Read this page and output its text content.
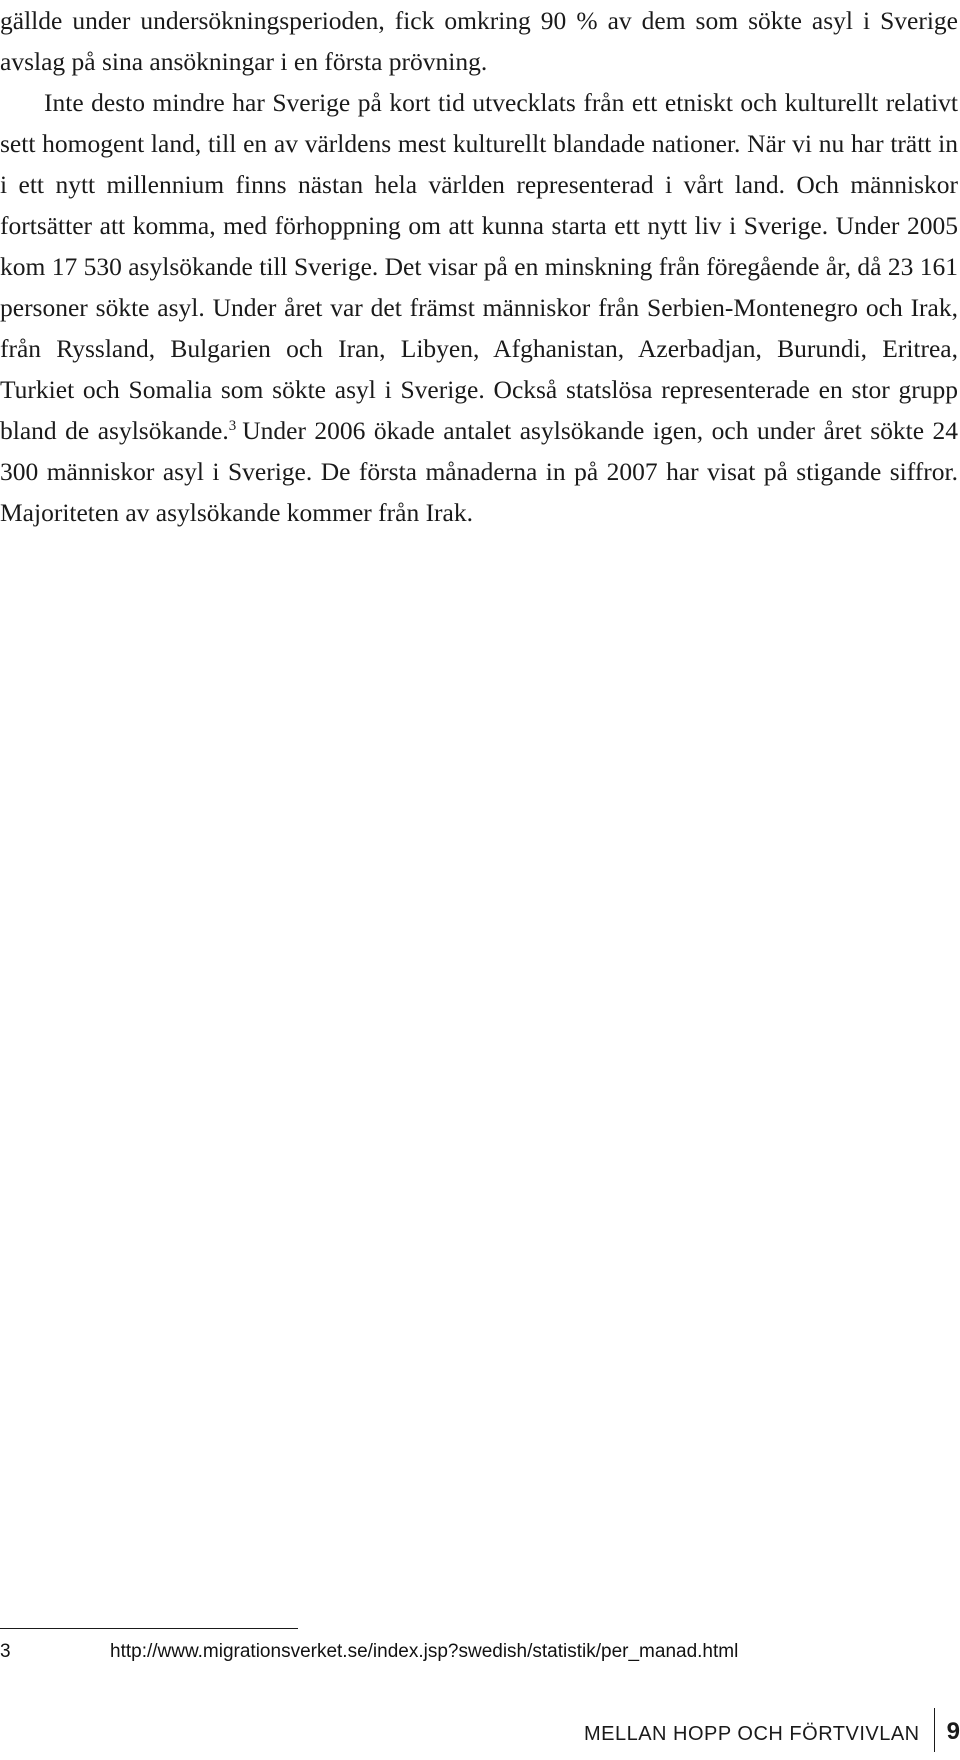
gällde under undersökningsperioden, fick omkring 90 % av dem som sökte asyl i Sverige avslag på sina ansökningar i en första prövning.

Inte desto mindre har Sverige på kort tid utvecklats från ett etniskt och kulturellt relativt sett homogent land, till en av världens mest kulturellt blandade nationer. När vi nu har trätt in i ett nytt millennium finns nästan hela världen representerad i vårt land. Och människor fortsätter att komma, med förhoppning om att kunna starta ett nytt liv i Sverige. Under 2005 kom 17 530 asylsökande till Sverige. Det visar på en minskning från föregående år, då 23 161 personer sökte asyl. Under året var det främst människor från Serbien-Montenegro och Irak, från Ryssland, Bulgarien och Iran, Libyen, Afghanistan, Azerbadjan, Burundi, Eritrea, Turkiet och Somalia som sökte asyl i Sverige. Också statslösa representerade en stor grupp bland de asylsökande.$^3$ Under 2006 ökade antalet asylsökande igen, och under året sökte 24 300 människor asyl i Sverige. De första månaderna in på 2007 har visat på stigande siffror. Majoriteten av asylsökande kommer från Irak.

3	http://www.migrationsverket.se/index.jsp?swedish/statistik/per_manad.html
MELLAN HOPP OCH FÖRTVIVLAN 9
